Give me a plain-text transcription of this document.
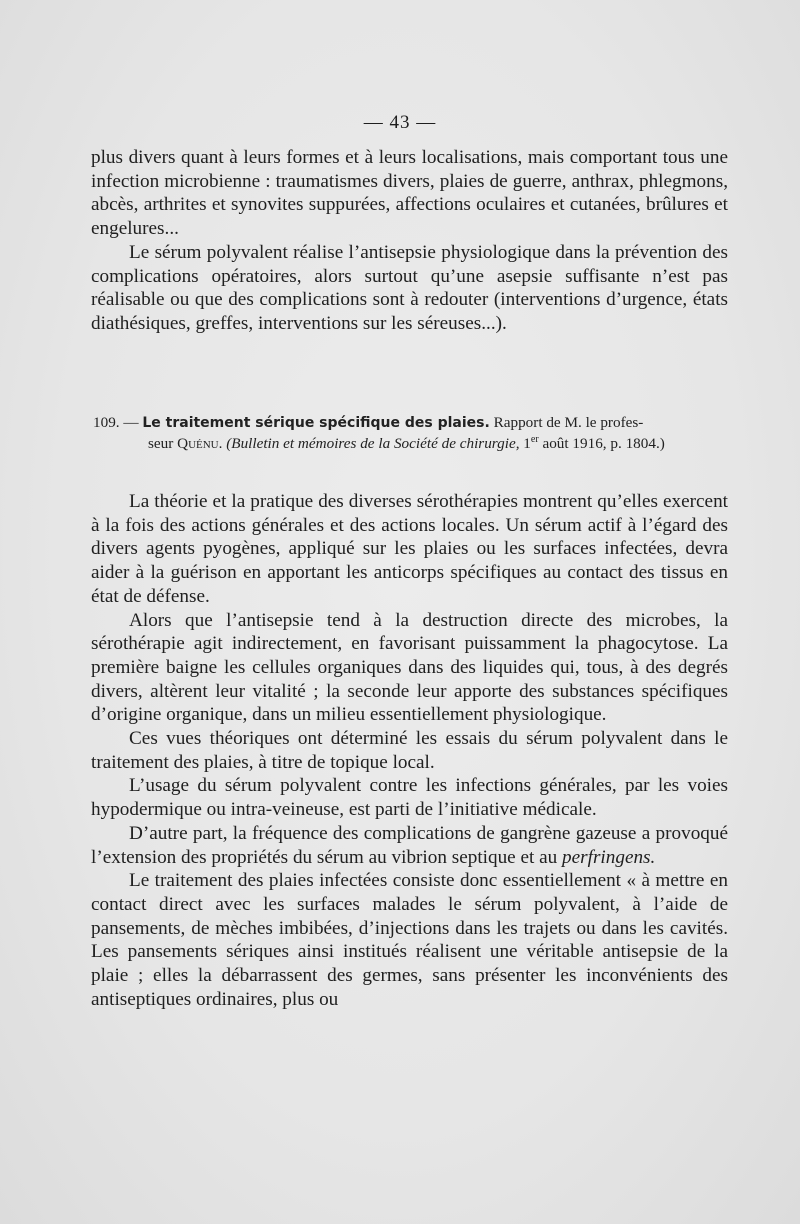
— 43 —

plus divers quant à leurs formes et à leurs localisations, mais comportant tous une infection microbienne : traumatismes divers, plaies de guerre, anthrax, phlegmons, abcès, arthrites et synovites suppurées, affections oculaires et cutanées, brûlures et engelures...

Le sérum polyvalent réalise l’antisepsie physiologique dans la prévention des complications opératoires, alors surtout qu’une asepsie suffisante n’est pas réalisable ou que des complications sont à redouter (interventions d’urgence, états diathésiques, greffes, interventions sur les séreuses...).

109. — Le traitement sérique spécifique des plaies. Rapport de M. le profes-
seur Quénu. (Bulletin et mémoires de la Société de chirurgie, 1er août 1916, p. 1804.)

La théorie et la pratique des diverses sérothérapies montrent qu’elles exercent à la fois des actions générales et des actions locales. Un sérum actif à l’égard des divers agents pyogènes, appliqué sur les plaies ou les surfaces infectées, devra aider à la guérison en apportant les anticorps spécifiques au contact des tissus en état de défense.

Alors que l’antisepsie tend à la destruction directe des microbes, la sérothérapie agit indirectement, en favorisant puissamment la phagocytose. La première baigne les cellules organiques dans des liquides qui, tous, à des degrés divers, altèrent leur vitalité ; la seconde leur apporte des substances spécifiques d’origine organique, dans un milieu essentiellement physiologique.

Ces vues théoriques ont déterminé les essais du sérum polyvalent dans le traitement des plaies, à titre de topique local.

L’usage du sérum polyvalent contre les infections générales, par les voies hypodermique ou intra-veineuse, est parti de l’initiative médicale.

D’autre part, la fréquence des complications de gangrène gazeuse a provoqué l’extension des propriétés du sérum au vibrion septique et au perfringens.

Le traitement des plaies infectées consiste donc essentiellement « à mettre en contact direct avec les surfaces malades le sérum polyvalent, à l’aide de pansements, de mèches imbibées, d’injections dans les trajets ou dans les cavités. Les pansements sériques ainsi institués réalisent une véritable antisepsie de la plaie ; elles la débarrassent des germes, sans présenter les inconvénients des antiseptiques ordinaires, plus ou
